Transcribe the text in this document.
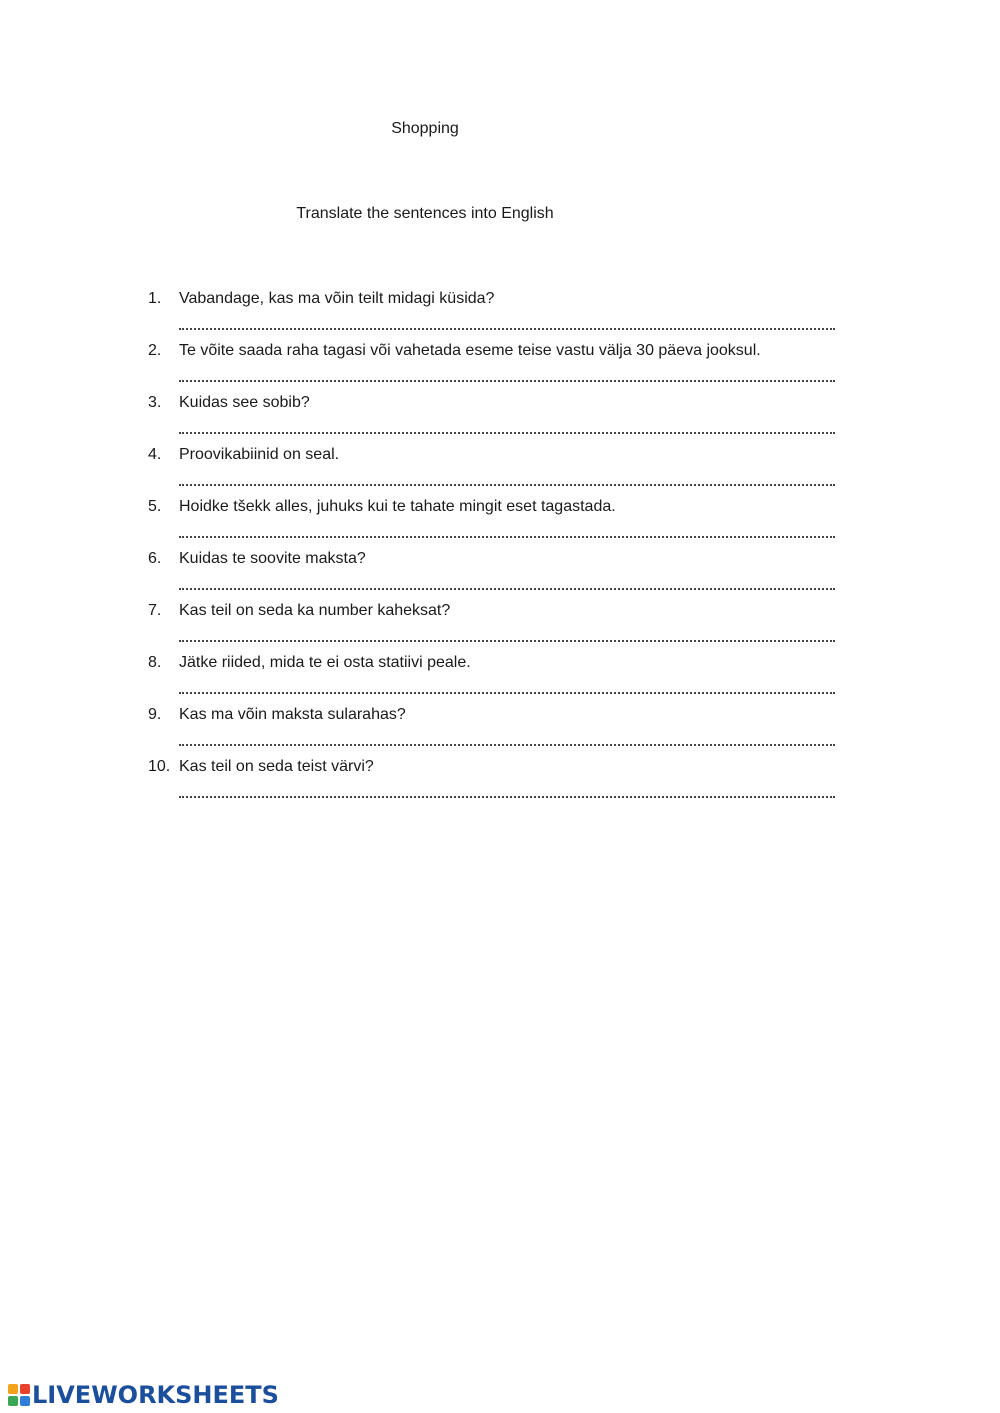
Shopping
Translate the sentences into English
1. Vabandage, kas ma võin teilt midagi küsida?
2. Te võite saada raha tagasi või vahetada eseme teise vastu välja 30 päeva jooksul.
3. Kuidas see sobib?
4. Proovikabiinid on seal.
5. Hoidke tšekk alles, juhuks kui te tahate mingit eset tagastada.
6. Kuidas te soovite maksta?
7. Kas teil on seda ka number kaheksat?
8. Jätke riided, mida te ei osta statiivi peale.
9. Kas ma võin maksta sularahas?
10. Kas teil on seda teist värvi?
LIVEWORKSHEETS
